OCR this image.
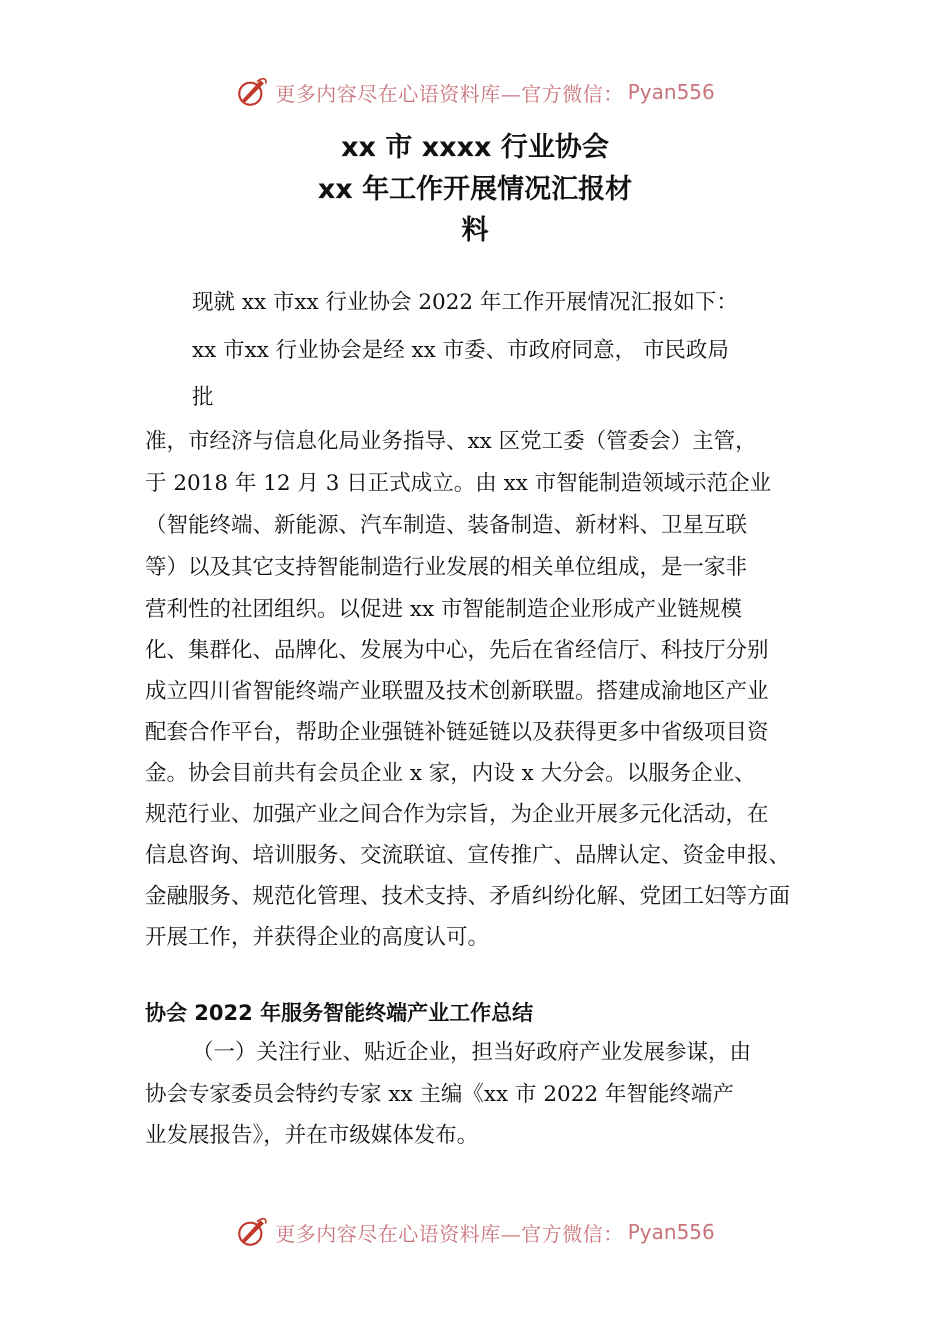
更多内容尽在心语资料库—官方微信： Pyan556
xx 市 xxxx 行业协会
xx 年工作开展情况汇报材
料
现就 xx 市xx 行业协会 2022 年工作开展情况汇报如下：
xx 市xx 行业协会是经 xx 市委、市政府同意， 市民政局
批
准，市经济与信息化局业务指导、xx 区党工委（管委会）主管，
于 2018 年 12 月 3 日正式成立。由 xx 市智能制造领域示范企业
（智能终端、新能源、汽车制造、装备制造、新材料、卫星互联
等）以及其它支持智能制造行业发展的相关单位组成，是一家非
营利性的社团组织。以促进 xx 市智能制造企业形成产业链规模
化、集群化、品牌化、发展为中心，先后在省经信厅、科技厅分别
成立四川省智能终端产业联盟及技术创新联盟。搭建成渝地区产业
配套合作平台，帮助企业强链补链延链以及获得更多中省级项目资
金。协会目前共有会员企业 x 家，内设 x 大分会。以服务企业、
规范行业、加强产业之间合作为宗旨，为企业开展多元化活动，在
信息咨询、培训服务、交流联谊、宣传推广、品牌认定、资金申报、
金融服务、规范化管理、技术支持、矛盾纠纷化解、党团工妇等方面
开展工作，并获得企业的高度认可。
协会 2022 年服务智能终端产业工作总结
（一）关注行业、贴近企业，担当好政府产业发展参谋，由
协会专家委员会特约专家 xx 主编《xx 市 2022 年智能终端产
业发展报告》，并在市级媒体发布。
更多内容尽在心语资料库—官方微信： Pyan556
